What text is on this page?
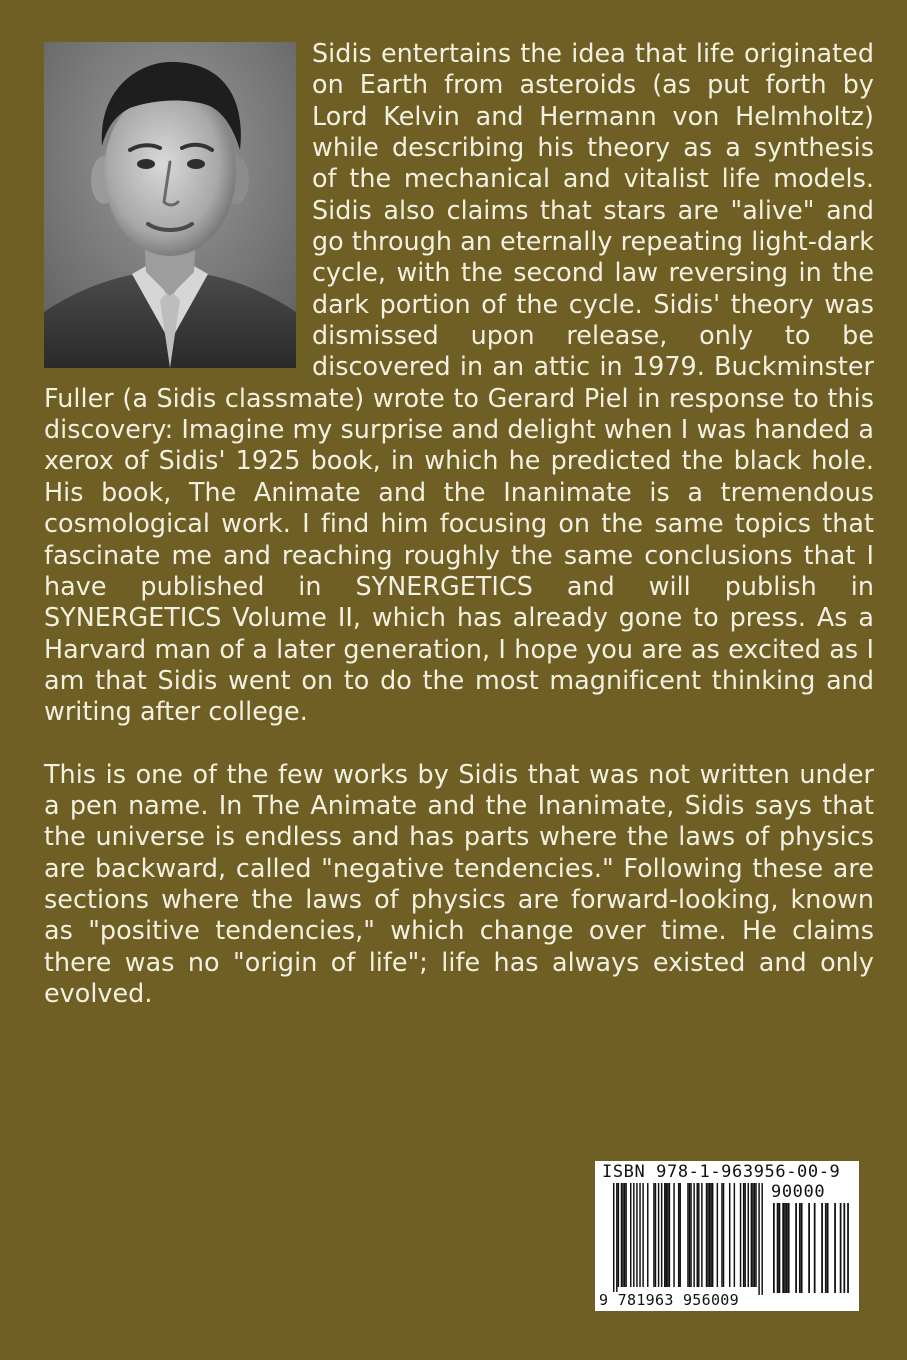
Sidis entertains the idea that life originated on Earth from asteroids (as put forth by Lord Kelvin and Hermann von Helmholtz) while describing his theory as a synthesis of the mechanical and vitalist life models. Sidis also claims that stars are "alive" and go through an eternally repeating light-dark cycle, with the second law reversing in the dark portion of the cycle. Sidis' theory was dismissed upon release, only to be discovered in an attic in 1979. Buckminster Fuller (a Sidis classmate) wrote to Gerard Piel in response to this discovery: Imagine my surprise and delight when I was handed a xerox of Sidis' 1925 book, in which he predicted the black hole. His book, The Animate and the Inanimate is a tremendous cosmological work. I find him focusing on the same topics that fascinate me and reaching roughly the same conclusions that I have published in SYNERGETICS and will publish in SYNERGETICS Volume II, which has already gone to press. As a Harvard man of a later generation, I hope you are as excited as I am that Sidis went on to do the most magnificent thinking and writing after college.

This is one of the few works by Sidis that was not written under a pen name. In The Animate and the Inanimate, Sidis says that the universe is endless and has parts where the laws of physics are backward, called "negative tendencies." Following these are sections where the laws of physics are forward-looking, known as "positive tendencies," which change over time. He claims there was no "origin of life"; life has always existed and only evolved.

ISBN 978-1-963956-00-9
90000
9 781963 956009
